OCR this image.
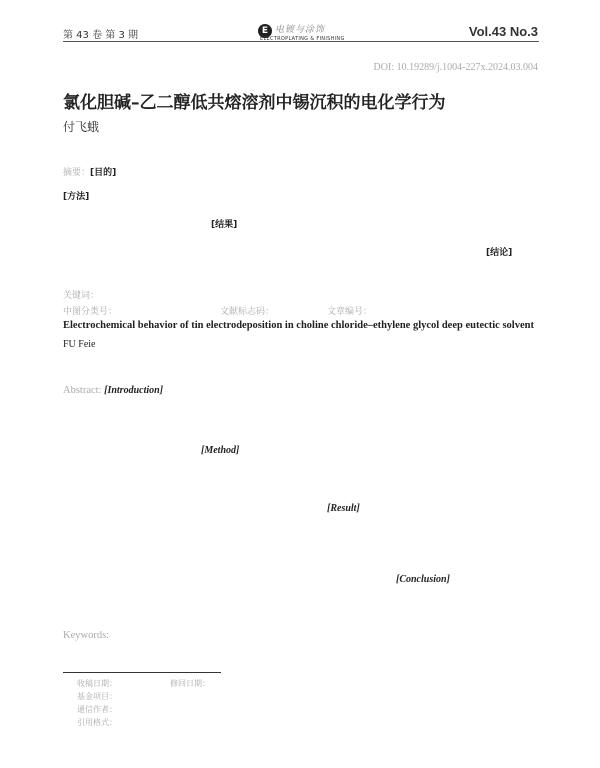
第 43 卷 第 3 期	E 电镀与涂饰
ELECTROPLATING & FINISHING	Vol.43 No.3
DOI: 10.19289/j.1004-227x.2024.03.004
氯化胆碱–乙二醇低共熔溶剂中锡沉积的电化学行为
付飞蛾
摘要：[目的]
[方法]
[结果]
[结论]
关键词：
中图分类号：	文献标志码：	文章编号：
Electrochemical behavior of tin electrodeposition in choline chloride–ethylene glycol deep eutectic solvent
FU Feie
Abstract: [Introduction]
[Method]
[Result]
[Conclusion]
Keywords:
收稿日期：	修回日期：
基金项目：
通信作者：
引用格式：
